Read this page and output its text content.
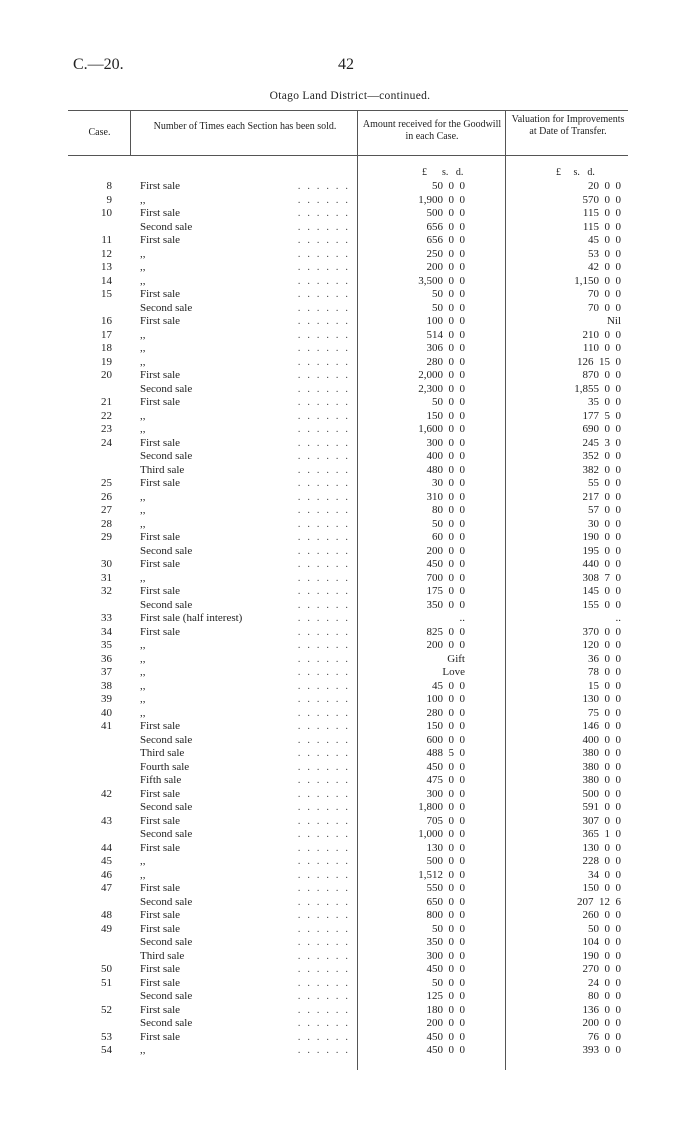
C.—20.	42
Otago Land District—continued.
Case.
Number of Times each Section has been sold.	Amount received for the Goodwill in each Case.
Valuation for Improvements at Date of Transfer.
£      s.   d.	£     s.   d.
8		First sale . . . . . .	50  0  0		20  0  0
9		,, . . . . . .	1,900  0  0		570  0  0
10		First sale . . . . . .	500  0  0		115  0  0

		Second sale . . . . . .	656  0  0		115  0  0
11		First sale . . . . . .	656  0  0		45  0  0
12		,, . . . . . .	250  0  0		53  0  0
13		,, . . . . . .	200  0  0		42  0  0
14		,, . . . . . .	3,500  0  0		1,150  0  0
15		First sale . . . . . .	50  0  0		70  0  0

		Second sale . . . . . .	50  0  0		70  0  0
16		First sale . . . . . .	100  0  0		Nil
17		,, . . . . . .	514  0  0		210  0  0
18		,, . . . . . .	306  0  0		110  0  0
19		,, . . . . . .	280  0  0		126  15  0
20		First sale . . . . . .	2,000  0  0		870  0  0

		Second sale . . . . . .	2,300  0  0		1,855  0  0
21		First sale . . . . . .	50  0  0		35  0  0
22		,, . . . . . .	150  0  0		177  5  0
23		,, . . . . . .	1,600  0  0		690  0  0
24		First sale . . . . . .	300  0  0		245  3  0

		Second sale . . . . . .	400  0  0		352  0  0

		Third sale . . . . . .	480  0  0		382  0  0
25		First sale . . . . . .	30  0  0		55  0  0
26		,, . . . . . .	310  0  0		217  0  0
27		,, . . . . . .	80  0  0		57  0  0
28		,, . . . . . .	50  0  0		30  0  0
29		First sale . . . . . .	60  0  0		190  0  0

		Second sale . . . . . .	200  0  0		195  0  0
30		First sale . . . . . .	450  0  0		440  0  0
31		,, . . . . . .	700  0  0		308  7  0
32		First sale . . . . . .	175  0  0		145  0  0

		Second sale . . . . . .	350  0  0		155  0  0
33		First sale (half interest) . . . . . .	..		..
34		First sale . . . . . .	825  0  0		370  0  0
35		,, . . . . . .	200  0  0		120  0  0
36		,, . . . . . .	Gift		36  0  0
37		,, . . . . . .	Love		78  0  0
38		,, . . . . . .	45  0  0		15  0  0
39		,, . . . . . .	100  0  0		130  0  0
40		,, . . . . . .	280  0  0		75  0  0
41		First sale . . . . . .	150  0  0		146  0  0

		Second sale . . . . . .	600  0  0		400  0  0

		Third sale . . . . . .	488  5  0		380  0  0

		Fourth sale . . . . . .	450  0  0		380  0  0

		Fifth sale . . . . . .	475  0  0		380  0  0
42		First sale . . . . . .	300  0  0		500  0  0

		Second sale . . . . . .	1,800  0  0		591  0  0
43		First sale . . . . . .	705  0  0		307  0  0

		Second sale . . . . . .	1,000  0  0		365  1  0
44		First sale . . . . . .	130  0  0		130  0  0
45		,, . . . . . .	500  0  0		228  0  0
46		,, . . . . . .	1,512  0  0		34  0  0
47		First sale . . . . . .	550  0  0		150  0  0

		Second sale . . . . . .	650  0  0		207  12  6
48		First sale . . . . . .	800  0  0		260  0  0
49		First sale . . . . . .	50  0  0		50  0  0

		Second sale . . . . . .	350  0  0		104  0  0

		Third sale . . . . . .	300  0  0		190  0  0
50		First sale . . . . . .	450  0  0		270  0  0
51		First sale . . . . . .	50  0  0		24  0  0

		Second sale . . . . . .	125  0  0		80  0  0
52		First sale . . . . . .	180  0  0		136  0  0

		Second sale . . . . . .	200  0  0		200  0  0
53		First sale . . . . . .	450  0  0		76  0  0
54		,, . . . . . .	450  0  0		393  0  0
